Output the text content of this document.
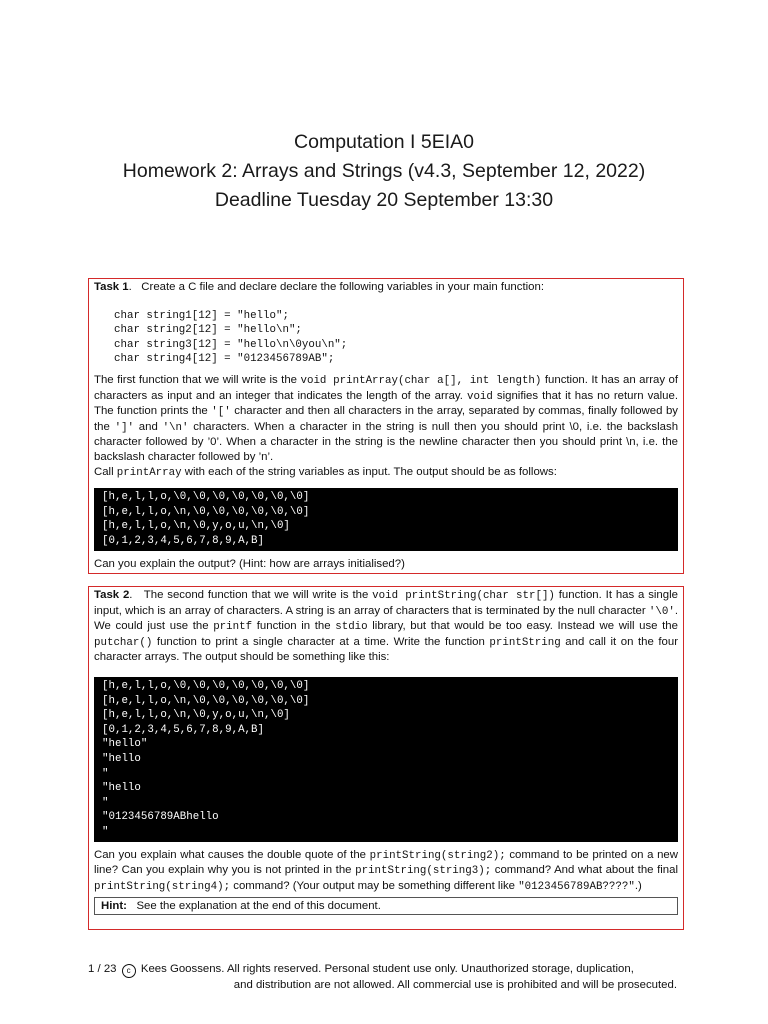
Computation I 5EIA0
Homework 2: Arrays and Strings (v4.3, September 12, 2022)
Deadline Tuesday 20 September 13:30

Task 1.   Create a C file and declare declare the following variables in your main function:

char string1[12] = "hello";
char string2[12] = "hello\n";
char string3[12] = "hello\n\0you\n";
char string4[12] = "0123456789AB";

The first function that we will write is the void printArray(char a[], int length) function. It has an array of characters as input and an integer that indicates the length of the array. void signifies that it has no return value. The function prints the '[' character and then all characters in the array, separated by commas, finally followed by the ']' and '\n' characters. When a character in the string is null then you should print \0, i.e. the backslash character followed by ’0’. When a character in the string is the newline character then you should print \n, i.e. the backslash character followed by ’n’.

Call printArray with each of the string variables as input. The output should be as follows:

[h,e,l,l,o,\0,\0,\0,\0,\0,\0,\0]
[h,e,l,l,o,\n,\0,\0,\0,\0,\0,\0]
[h,e,l,l,o,\n,\0,y,o,u,\n,\0]
[0,1,2,3,4,5,6,7,8,9,A,B]

Can you explain the output? (Hint: how are arrays initialised?)

Task 2.   The second function that we will write is the void printString(char str[]) function. It has a single input, which is an array of characters. A string is an array of characters that is terminated by the null character '\0'. We could just use the printf function in the stdio library, but that would be too easy. Instead we will use the putchar() function to print a single character at a time. Write the function printString and call it on the four character arrays. The output should be something like this:

[h,e,l,l,o,\0,\0,\0,\0,\0,\0,\0]
[h,e,l,l,o,\n,\0,\0,\0,\0,\0,\0]
[h,e,l,l,o,\n,\0,y,o,u,\n,\0]
[0,1,2,3,4,5,6,7,8,9,A,B]
"hello"
"hello
"
"hello
"
"0123456789ABhello
"

Can you explain what causes the double quote of the printString(string2); command to be printed on a new line? Can you explain why you is not printed in the printString(string3); command? And what about the final printString(string4); command? (Your output may be something different like "0123456789AB????".)

Hint: See the explanation at the end of this document.
1 / 23 c Kees Goossens. All rights reserved. Personal student use only. Unauthorized storage, duplication,
and distribution are not allowed. All commercial use is prohibited and will be prosecuted.
